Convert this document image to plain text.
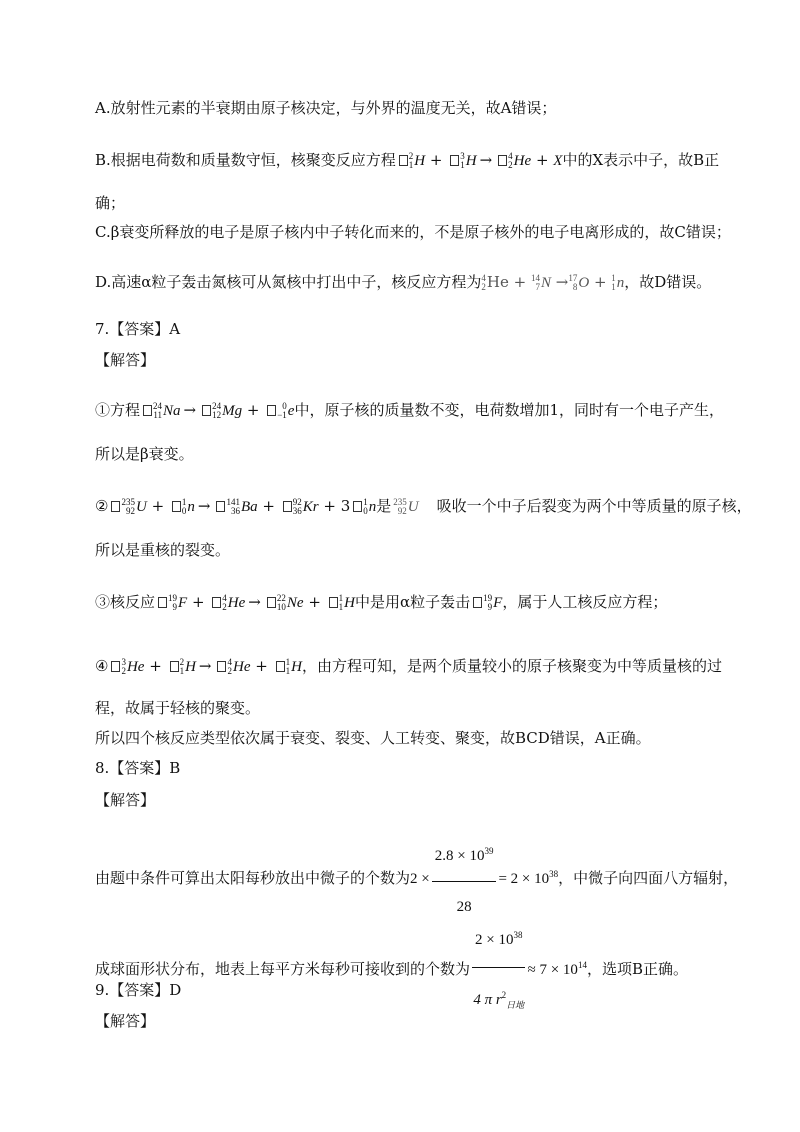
A.放射性元素的半衰期由原子核决定，与外界的温度无关，故A错误；
B.根据电荷数和质量数守恒，核聚变反应方程 2
1 H + 3
1 H → 4
2 He + X中的X表示中子，故B正
确；
C.β衰变所释放的电子是原子核内中子转化而来的，不是原子核外的电子电离形成的，故C错误；
D.高速α粒子轰击氮核可从氮核中打出中子，核反应方程为 4
2 He + 14
7 N → 17
8 O + 1
1 n，故D错误。
7.【答案】A
【解答】
①方程 24
11 Na → 24
12 Mg +	0
−1 e中，原子核的质量数不变，电荷数增加1，同时有一个电子产生，
所以是β衰变。
② 235
92 U + 1
0 n → 141
36 Ba + 92
36 Kr + 3 1
0 n是 235
92 U 吸收一个中子后裂变为两个中等质量的原子核，
所以是重核的裂变。
③核反应 19
9 F + 4
2 He → 22
10 Ne + 1
1 H中是用α粒子轰击 19
9 F，属于人工核反应方程；
④ 3
2 He + 2
1 H → 4
2 He + 1
1 H，由方程可知，是两个质量较小的原子核聚变为中等质量核的过
程，故属于轻核的聚变。
所以四个核反应类型依次属于衰变、裂变、人工转变、聚变，故BCD错误，A正确。
8.【答案】B
【解答】
由题中条件可算出太阳每秒放出中微子的个数为$2 \times \frac{2.8 \times 10^{39}}{28} = 2 \times 10^{38}$，中微子向四面八方辐射，
成球面形状分布，地表上每平方米每秒可接收到的个数为 $\frac{2 \times 10^{38}}{4 \pi r^2_{日地}} \approx 7 \times 10^{14}$，选项B正确。
9.【答案】D
【解答】
